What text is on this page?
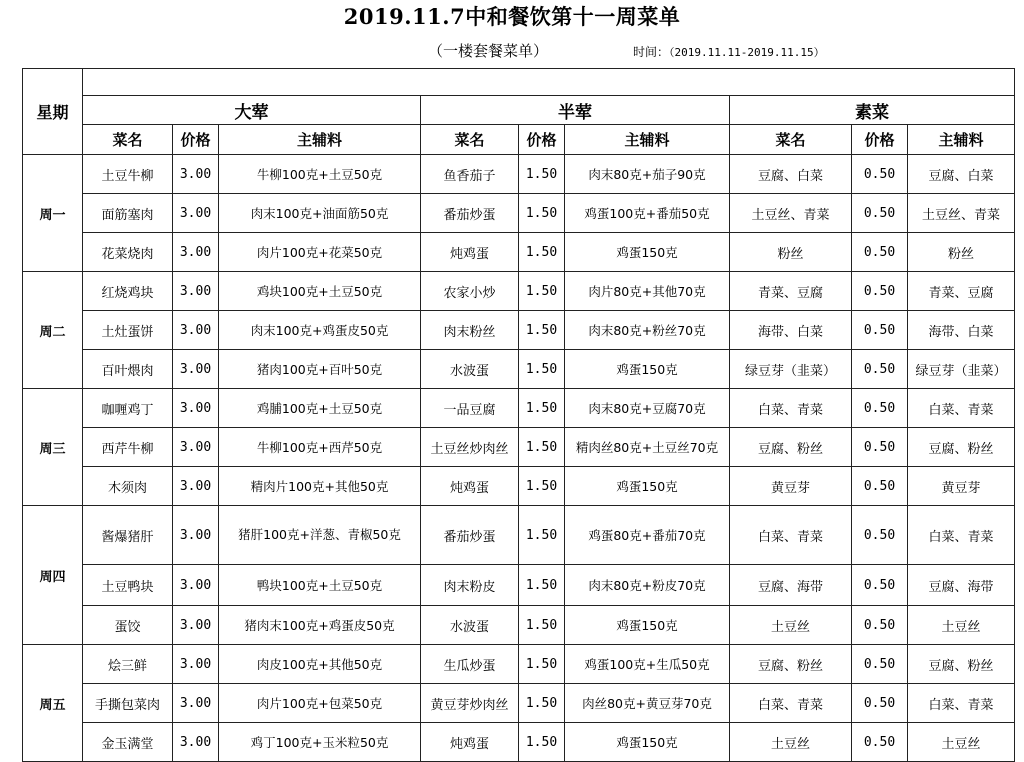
2019.11.7中和餐饮第十一周菜单
（一楼套餐菜单）	时间：（2019.11.11-2019.11.15）
星期									
	大荤			半荤			素菜		
	菜名	价格	主辅料	菜名	价格	主辅料	菜名	价格	主辅料
周一	土豆牛柳	3.00	牛柳100克+土豆50克	鱼香茄子	1.50	肉末80克+茄子90克	豆腐、白菜	0.50	豆腐、白菜
	面筋塞肉	3.00	肉末100克+油面筋50克	番茄炒蛋	1.50	鸡蛋100克+番茄50克	土豆丝、青菜	0.50	土豆丝、青菜
	花菜烧肉	3.00	肉片100克+花菜50克	炖鸡蛋	1.50	鸡蛋150克	粉丝	0.50	粉丝
周二	红烧鸡块	3.00	鸡块100克+土豆50克	农家小炒	1.50	肉片80克+其他70克	青菜、豆腐	0.50	青菜、豆腐
	土灶蛋饼	3.00	肉末100克+鸡蛋皮50克	肉末粉丝	1.50	肉末80克+粉丝70克	海带、白菜	0.50	海带、白菜
	百叶煨肉	3.00	猪肉100克+百叶50克	水波蛋	1.50	鸡蛋150克	绿豆芽（韭菜）	0.50	绿豆芽（韭菜）
周三	咖喱鸡丁	3.00	鸡脯100克+土豆50克	一品豆腐	1.50	肉末80克+豆腐70克	白菜、青菜	0.50	白菜、青菜
	西芹牛柳	3.00	牛柳100克+西芹50克	土豆丝炒肉丝	1.50	精肉丝80克+土豆丝70克	豆腐、粉丝	0.50	豆腐、粉丝
	木须肉	3.00	精肉片100克+其他50克	炖鸡蛋	1.50	鸡蛋150克	黄豆芽	0.50	黄豆芽
周四	酱爆猪肝	3.00	猪肝100克+洋葱、青椒50克	番茄炒蛋	1.50	鸡蛋80克+番茄70克	白菜、青菜	0.50	白菜、青菜
	土豆鸭块	3.00	鸭块100克+土豆50克	肉末粉皮	1.50	肉末80克+粉皮70克	豆腐、海带	0.50	豆腐、海带
	蛋饺	3.00	猪肉末100克+鸡蛋皮50克	水波蛋	1.50	鸡蛋150克	土豆丝	0.50	土豆丝
周五	烩三鲜	3.00	肉皮100克+其他50克	生瓜炒蛋	1.50	鸡蛋100克+生瓜50克	豆腐、粉丝	0.50	豆腐、粉丝
	手撕包菜肉	3.00	肉片100克+包菜50克	黄豆芽炒肉丝	1.50	肉丝80克+黄豆芽70克	白菜、青菜	0.50	白菜、青菜
	金玉满堂	3.00	鸡丁100克+玉米粒50克	炖鸡蛋	1.50	鸡蛋150克	土豆丝	0.50	土豆丝
